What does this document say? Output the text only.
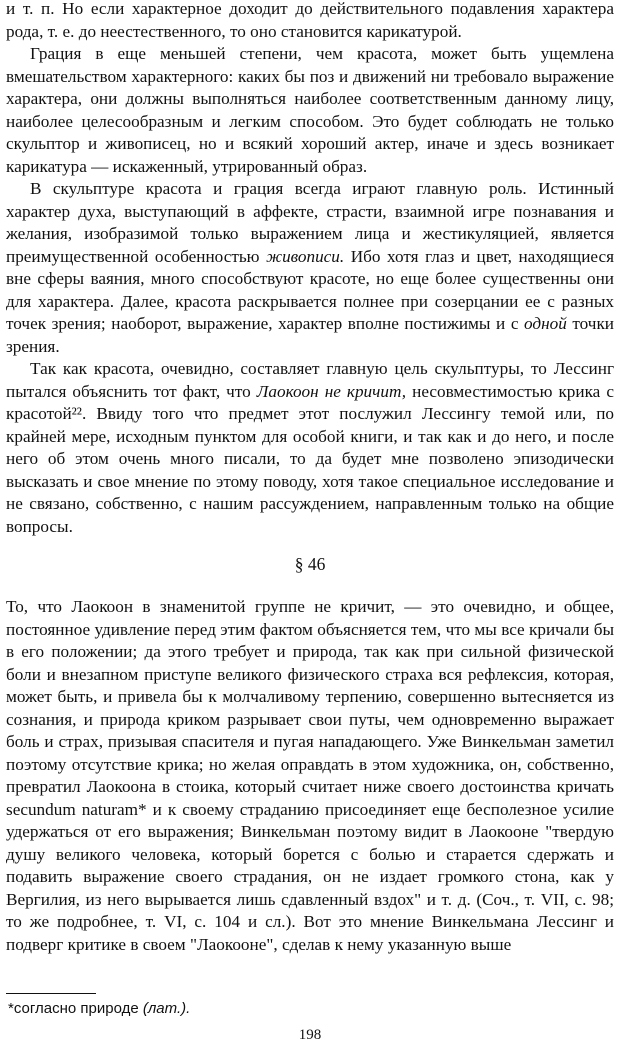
и т. п. Но если характерное доходит до действительного подавления характера рода, т. е. до неестественного, то оно становится карикатурой.

Грация в еще меньшей степени, чем красота, может быть ущемлена вмешательством характерного: каких бы поз и движений ни требовало выражение характера, они должны выполняться наиболее соответственным данному лицу, наиболее целесообразным и легким способом. Это будет соблюдать не только скульптор и живописец, но и всякий хороший актер, иначе и здесь возникает карикатура — искаженный, утрированный образ.

В скульптуре красота и грация всегда играют главную роль. Истинный характер духа, выступающий в аффекте, страсти, взаимной игре познавания и желания, изобразимой только выражением лица и жестикуляцией, является преимущественной особенностью живописи. Ибо хотя глаз и цвет, находящиеся вне сферы ваяния, много способствуют красоте, но еще более существенны они для характера. Далее, красота раскрывается полнее при созерцании ее с разных точек зрения; наоборот, выражение, характер вполне постижимы и с одной точки зрения.

Так как красота, очевидно, составляет главную цель скульптуры, то Лессинг пытался объяснить тот факт, что Лаокоон не кричит, несовместимостью крика с красотой²². Ввиду того что предмет этот послужил Лессингу темой или, по крайней мере, исходным пунктом для особой книги, и так как и до него, и после него об этом очень много писали, то да будет мне позволено эпизодически высказать и свое мнение по этому поводу, хотя такое специальное исследование и не связано, собственно, с нашим рассуждением, направленным только на общие вопросы.

§ 46

То, что Лаокоон в знаменитой группе не кричит, — это очевидно, и общее, постоянное удивление перед этим фактом объясняется тем, что мы все кричали бы в его положении; да этого требует и природа, так как при сильной физической боли и внезапном приступе великого физического страха вся рефлексия, которая, может быть, и привела бы к молчаливому терпению, совершенно вытесняется из сознания, и природа криком разрывает свои путы, чем одновременно выражает боль и страх, призывая спасителя и пугая нападающего. Уже Винкельман заметил поэтому отсутствие крика; но желая оправдать в этом художника, он, собственно, превратил Лаокоона в стоика, который считает ниже своего достоинства кричать secundum naturam* и к своему страданию присоединяет еще бесполезное усилие удержаться от его выражения; Винкельман поэтому видит в Лаокооне "твердую душу великого человека, который борется с болью и старается сдержать и подавить выражение своего страдания, он не издает громкого стона, как у Вергилия, из него вырывается лишь сдавленный вздох" и т. д. (Соч., т. VII, с. 98; то же подробнее, т. VI, с. 104 и сл.). Вот это мнение Винкельмана Лессинг и подверг критике в своем "Лаокооне", сделав к нему указанную выше

*согласно природе (лат.).
198
